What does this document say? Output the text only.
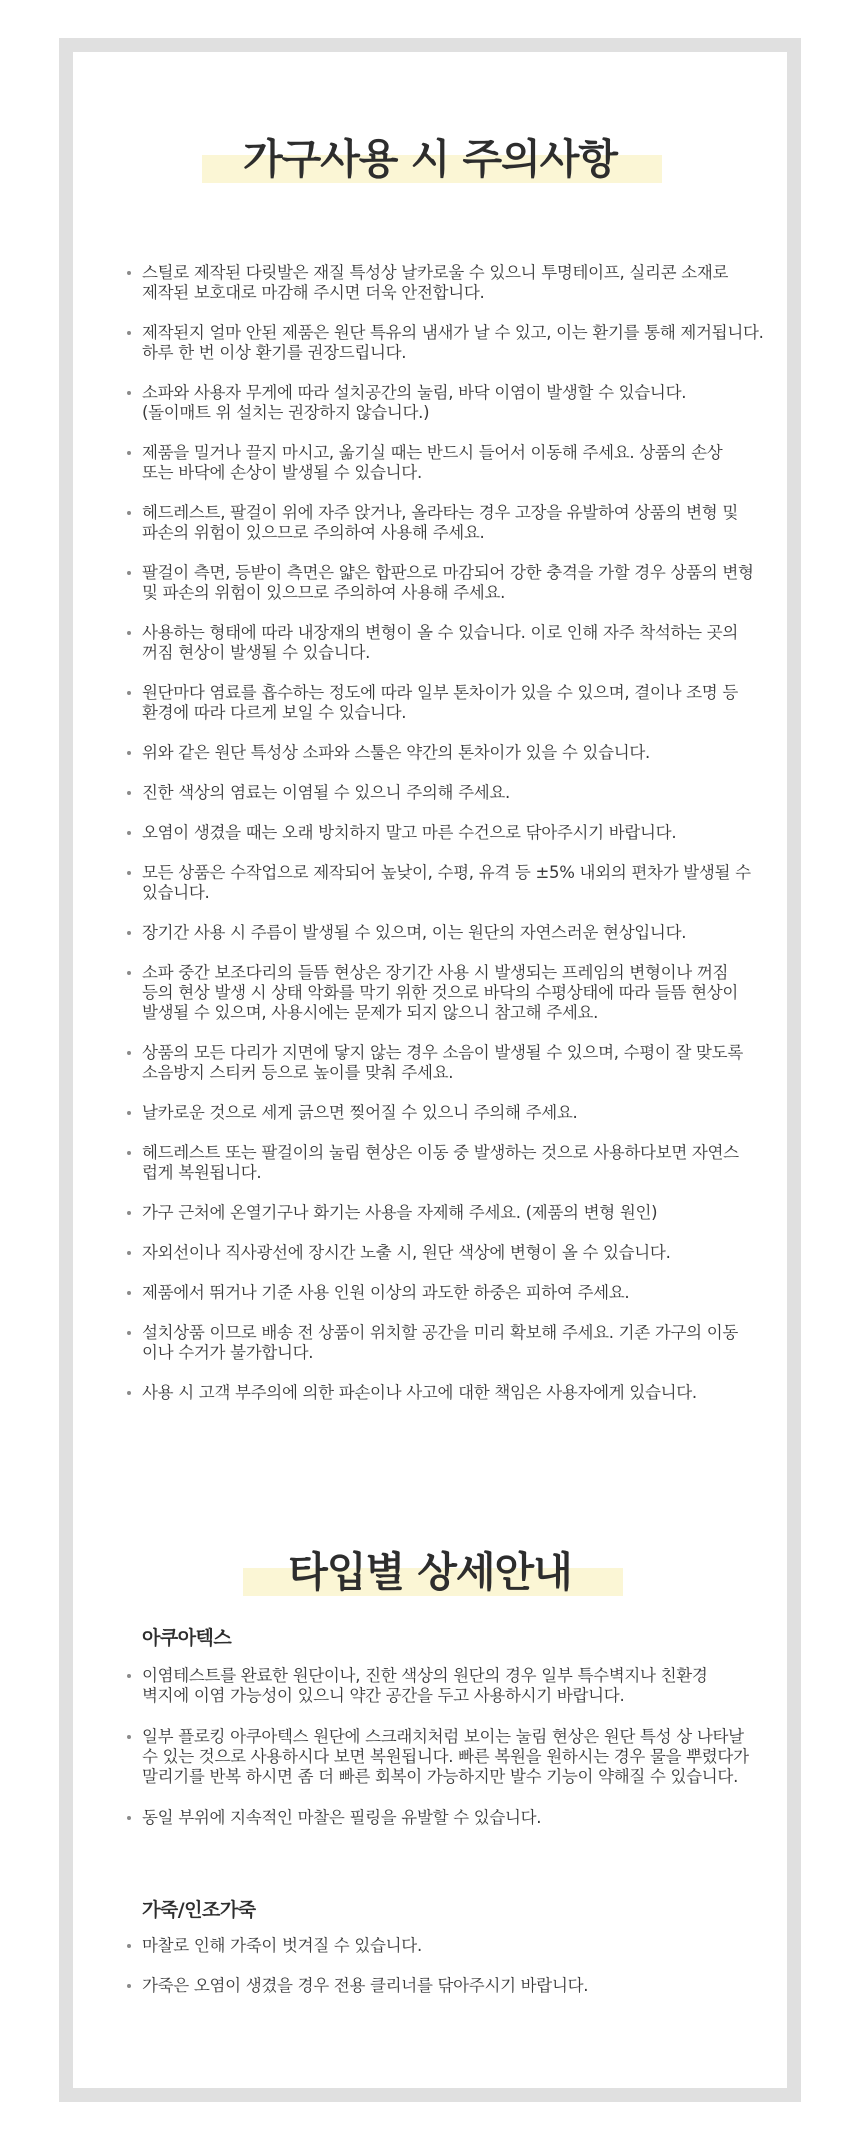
가구사용 시 주의사항
스틸로 제작된 다릿발은 재질 특성상 날카로울 수 있으니 투명테이프, 실리콘 소재로
제작된 보호대로 마감해 주시면 더욱 안전합니다.
제작된지 얼마 안된 제품은 원단 특유의 냄새가 날 수 있고, 이는 환기를 통해 제거됩니다.
하루 한 번 이상 환기를 권장드립니다.
소파와 사용자 무게에 따라 설치공간의 눌림, 바닥 이염이 발생할 수 있습니다.
(돌이매트 위 설치는 권장하지 않습니다.)
제품을 밀거나 끌지 마시고, 옮기실 때는 반드시 들어서 이동해 주세요. 상품의 손상
또는 바닥에 손상이 발생될 수 있습니다.
헤드레스트, 팔걸이 위에 자주 앉거나, 올라타는 경우 고장을 유발하여 상품의 변형 및
파손의 위험이 있으므로 주의하여 사용해 주세요.
팔걸이 측면, 등받이 측면은 얇은 합판으로 마감되어 강한 충격을 가할 경우 상품의 변형
및 파손의 위험이 있으므로 주의하여 사용해 주세요.
사용하는 형태에 따라 내장재의 변형이 올 수 있습니다. 이로 인해 자주 착석하는 곳의
꺼짐 현상이 발생될 수 있습니다.
원단마다 염료를 흡수하는 정도에 따라 일부 톤차이가 있을 수 있으며, 결이나 조명 등
환경에 따라 다르게 보일 수 있습니다.
위와 같은 원단 특성상 소파와 스툴은 약간의 톤차이가 있을 수 있습니다.
진한 색상의 염료는 이염될 수 있으니 주의해 주세요.
오염이 생겼을 때는 오래 방치하지 말고 마른 수건으로 닦아주시기 바랍니다.
모든 상품은 수작업으로 제작되어 높낮이, 수평, 유격 등 ±5% 내외의 편차가 발생될 수
있습니다.
장기간 사용 시 주름이 발생될 수 있으며, 이는 원단의 자연스러운 현상입니다.
소파 중간 보조다리의 들뜸 현상은 장기간 사용 시 발생되는 프레임의 변형이나 꺼짐
등의 현상 발생 시 상태 악화를 막기 위한 것으로 바닥의 수평상태에 따라 들뜸 현상이
발생될 수 있으며, 사용시에는 문제가 되지 않으니 참고해 주세요.
상품의 모든 다리가 지면에 닿지 않는 경우 소음이 발생될 수 있으며, 수평이 잘 맞도록
소음방지 스티커 등으로 높이를 맞춰 주세요.
날카로운 것으로 세게 긁으면 찢어질 수 있으니 주의해 주세요.
헤드레스트 또는 팔걸이의 눌림 현상은 이동 중 발생하는 것으로 사용하다보면 자연스
럽게 복원됩니다.
가구 근처에 온열기구나 화기는 사용을 자제해 주세요. (제품의 변형 원인)
자외선이나 직사광선에 장시간 노출 시, 원단 색상에 변형이 올 수 있습니다.
제품에서 뛰거나 기준 사용 인원 이상의 과도한 하중은 피하여 주세요.
설치상품 이므로 배송 전 상품이 위치할 공간을 미리 확보해 주세요. 기존 가구의 이동
이나 수거가 불가합니다.
사용 시 고객 부주의에 의한 파손이나 사고에 대한 책임은 사용자에게 있습니다.
타입별 상세안내
아쿠아텍스
이염테스트를 완료한 원단이나, 진한 색상의 원단의 경우 일부 특수벽지나 친환경
벽지에 이염 가능성이 있으니 약간 공간을 두고 사용하시기 바랍니다.
일부 플로킹 아쿠아텍스 원단에 스크래치처럼 보이는 눌림 현상은 원단 특성 상 나타날
수 있는 것으로 사용하시다 보면 복원됩니다. 빠른 복원을 원하시는 경우 물을 뿌렸다가
말리기를 반복 하시면 좀 더 빠른 회복이 가능하지만 발수 기능이 약해질 수 있습니다.
동일 부위에 지속적인 마찰은 필링을 유발할 수 있습니다.
가죽/인조가죽
마찰로 인해 가죽이 벗겨질 수 있습니다.
가죽은 오염이 생겼을 경우 전용 클리너를 닦아주시기 바랍니다.
